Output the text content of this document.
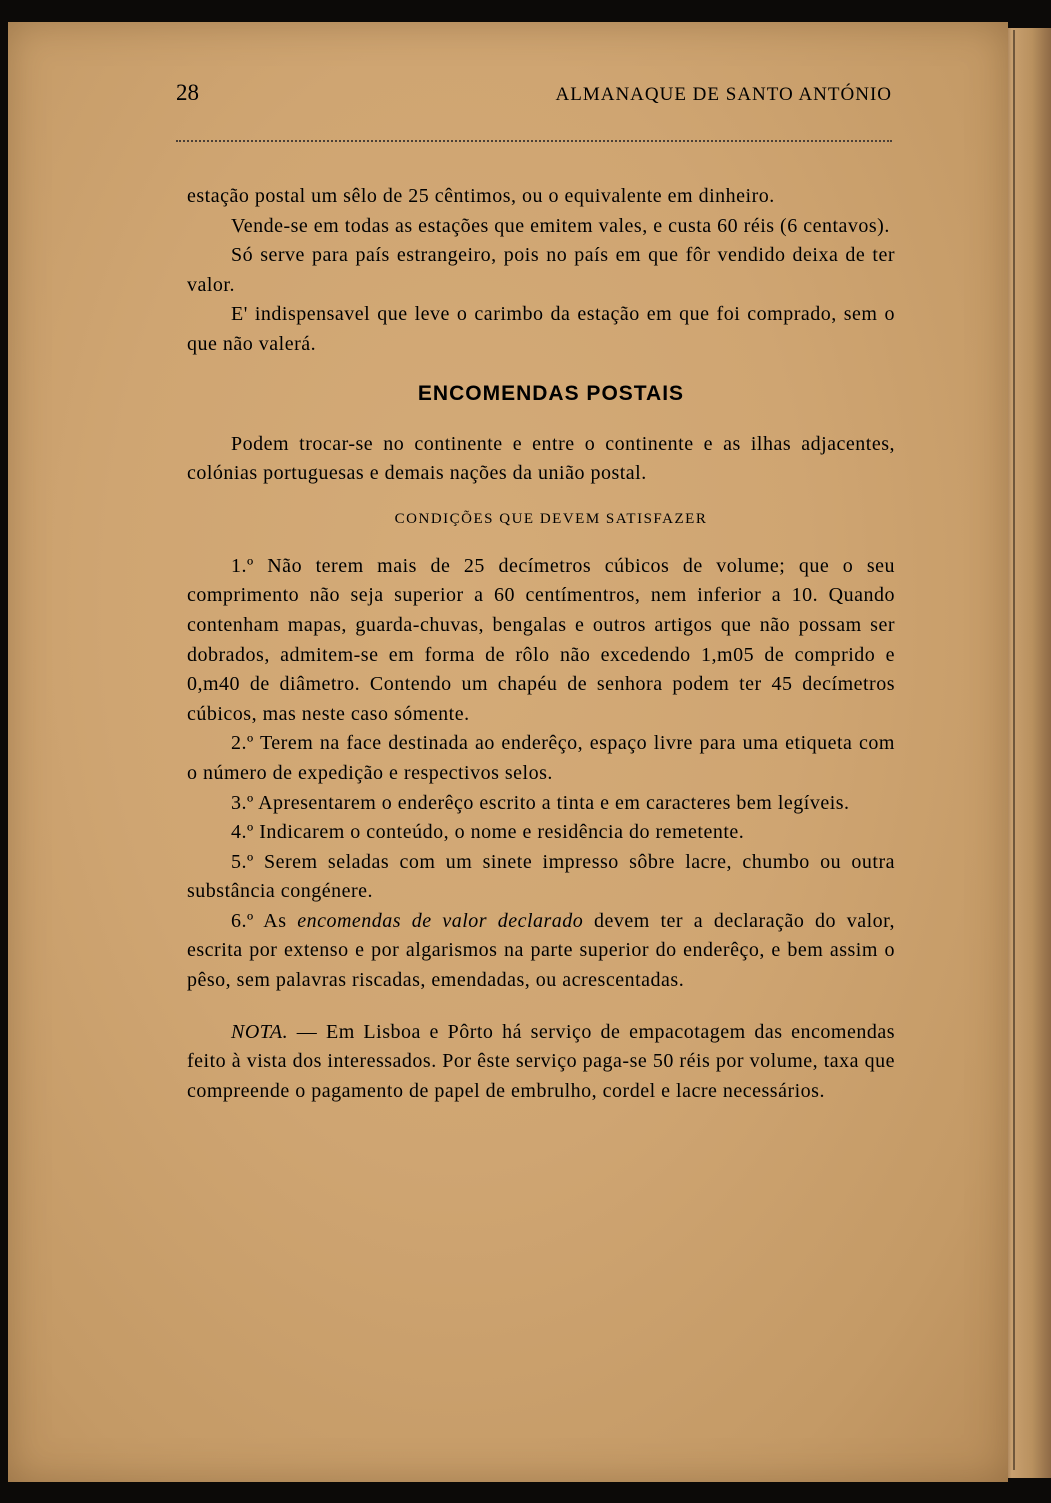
28	ALMANAQUE DE SANTO ANTÓNIO

estação postal um sêlo de 25 cêntimos, ou o equivalente em dinheiro.

Vende-se em todas as estações que emitem vales, e custa 60 réis (6 centavos).

Só serve para país estrangeiro, pois no país em que fôr vendido deixa de ter valor.

E' indispensavel que leve o carimbo da estação em que foi comprado, sem o que não valerá.

ENCOMENDAS POSTAIS

Podem trocar-se no continente e entre o continente e as ilhas adjacentes, colónias portuguesas e demais nações da união postal.

CONDIÇÕES QUE DEVEM SATISFAZER

1.º Não terem mais de 25 decímetros cúbicos de volume; que o seu comprimento não seja superior a 60 centímentros, nem inferior a 10. Quando contenham mapas, guarda-chuvas, bengalas e outros artigos que não possam ser dobrados, admitem-se em forma de rôlo não excedendo 1,m05 de comprido e 0,m40 de diâmetro. Contendo um chapéu de senhora podem ter 45 decímetros cúbicos, mas neste caso sómente.

2.º Terem na face destinada ao enderêço, espaço livre para uma etiqueta com o número de expedição e respectivos selos.

3.º Apresentarem o enderêço escrito a tinta e em caracteres bem legíveis.

4.º Indicarem o conteúdo, o nome e residência do remetente.

5.º Serem seladas com um sinete impresso sôbre lacre, chumbo ou outra substância congénere.

6.º As encomendas de valor declarado devem ter a declaração do valor, escrita por extenso e por algarismos na parte superior do enderêço, e bem assim o pêso, sem palavras riscadas, emendadas, ou acrescentadas.

NOTA. — Em Lisboa e Pôrto há serviço de empacotagem das encomendas feito à vista dos interessados. Por êste serviço paga-se 50 réis por volume, taxa que compreende o pagamento de papel de embrulho, cordel e lacre necessários.
